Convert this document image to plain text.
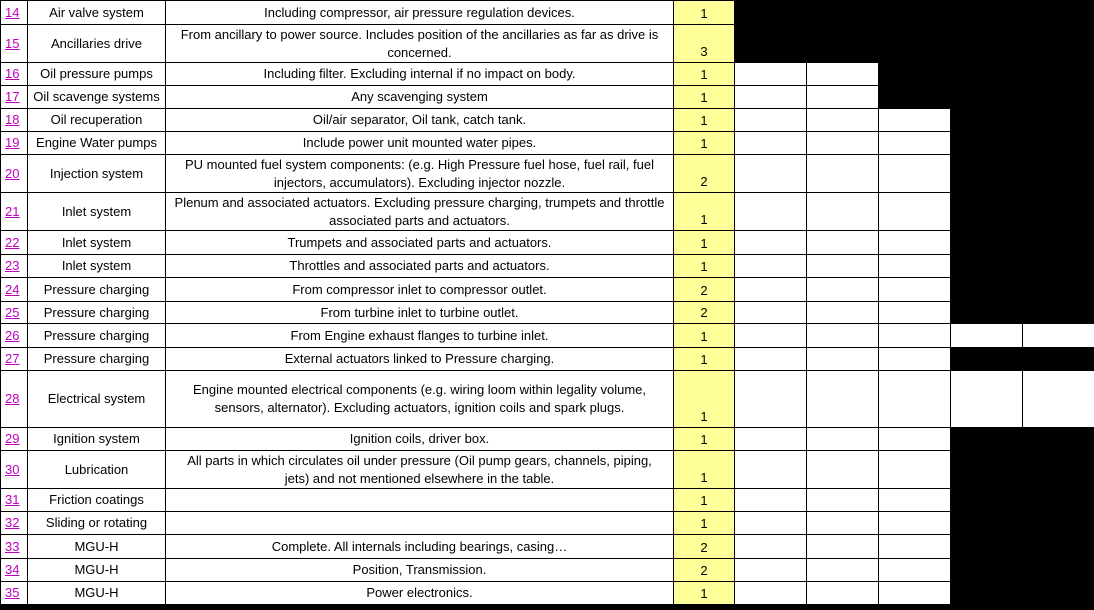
14	Air valve system	Including compressor, air pressure regulation devices.	1					
15	Ancillaries drive	From ancillary to power source. Includes position of the ancillaries as far as drive is concerned.	3					
16	Oil pressure pumps	Including filter. Excluding internal if no impact on body.	1					
17	Oil scavenge systems	Any scavenging system	1					
18	Oil recuperation	Oil/air separator, Oil tank, catch tank.	1					
19	Engine Water pumps	Include power unit mounted water pipes.	1					
20	Injection system	PU mounted fuel system components: (e.g. High Pressure fuel hose, fuel rail, fuel injectors, accumulators). Excluding injector nozzle.	2					
21	Inlet system	Plenum and associated actuators. Excluding pressure charging, trumpets and throttle associated parts and actuators.	1					
22	Inlet system	Trumpets and associated parts and actuators.	1					
23	Inlet system	Throttles and associated parts and actuators.	1					
24	Pressure charging	From compressor inlet to compressor outlet.	2					
25	Pressure charging	From turbine inlet to turbine outlet.	2					
26	Pressure charging	From Engine exhaust flanges to turbine inlet.	1					
27	Pressure charging	External actuators linked to Pressure charging.	1					
28	Electrical system	Engine mounted electrical components (e.g. wiring loom within legality volume, sensors, alternator). Excluding actuators, ignition coils and spark plugs.	1					
29	Ignition system	Ignition coils, driver box.	1					
30	Lubrication	All parts in which circulates oil under pressure (Oil pump gears, channels, piping, jets) and not mentioned elsewhere in the table.	1					
31	Friction coatings		1					
32	Sliding or rotating		1					
33	MGU-H	Complete. All internals including bearings, casing…	2					
34	MGU-H	Position, Transmission.	2					
35	MGU-H	Power electronics.	1					
